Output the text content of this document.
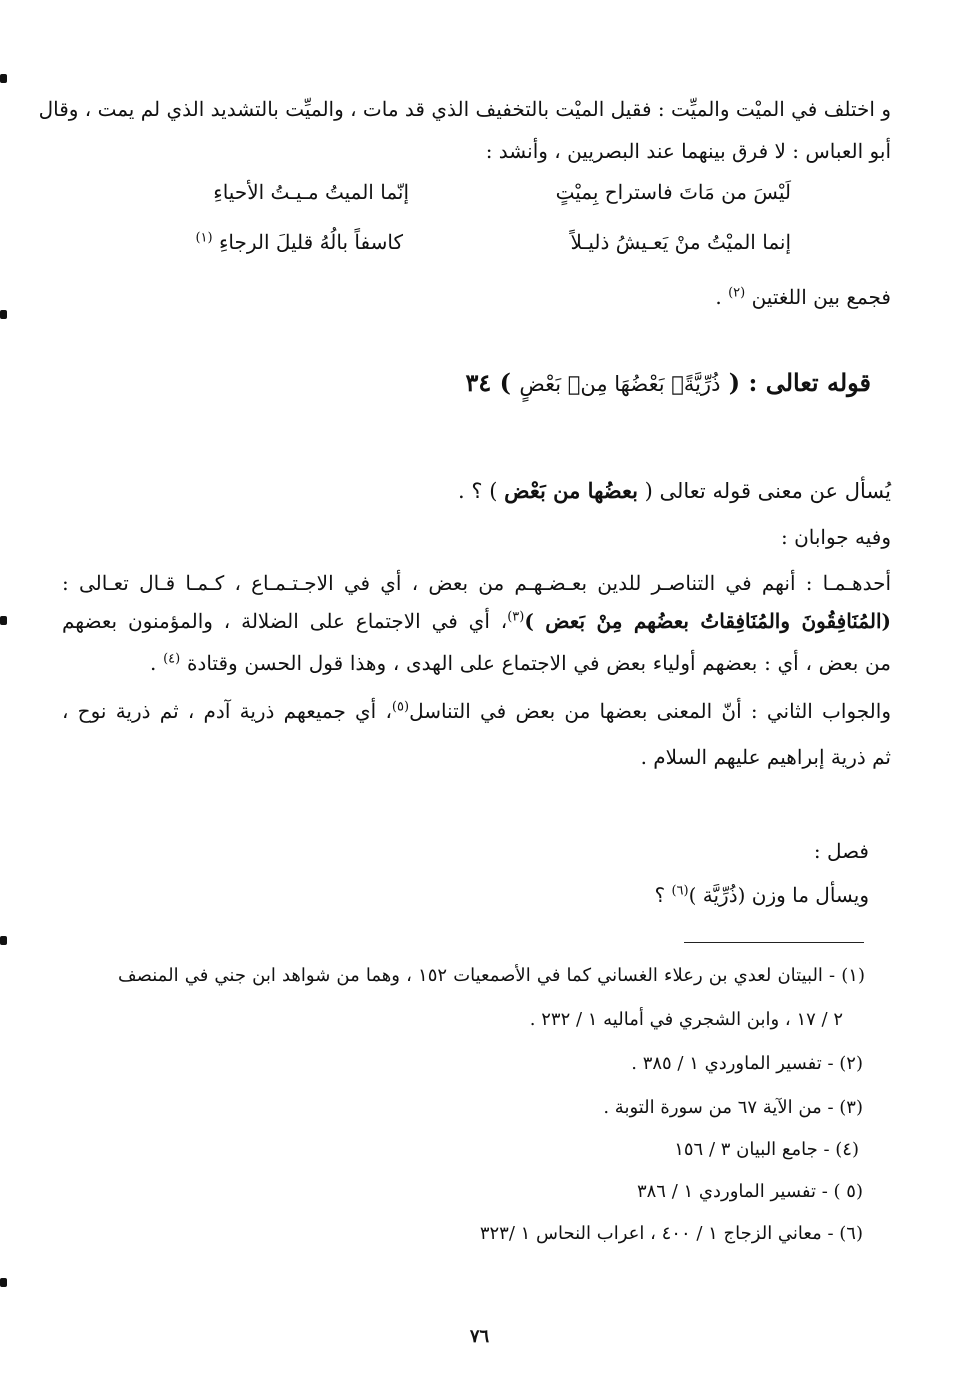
و اختلف في الميْت والميِّت : فقيل الميْت بالتخفيف الذي قد مات ، والميِّت بالتشديد الذي لم يمت ، وقال
أبو العباس : لا فرق بينهما عند البصريين ، وأنشد :
لَيْسَ من مَاتَ فاستراح بِميْتٍ
إنّما الميتُ مـيـتُ الأحياءِ
إنما الميْتُ منْ يَعـيشُ ذليـلاً
كاسفاً بالُهُ قليلَ الرجاءِ $^{(١)}$
فجمع بين اللغتين $^{(٢)}$ .
قوله تعالى : ( ذُرِّيَّةًۢ بَعْضُهَا مِنۢ بَعْضٍ ) ٣٤
يُسأل عن معنى قوله تعالى ( بعضُها من بَعْض ) ؟ .
وفيه جوابان :
أحدهـمـا : أنهم في التناصـر للدين بعـضـهـم من بعض ، أي في الاجـتـمـاع ، كـمـا قـال تعـالى :
(المُنَافِقُونَ والمُنَافِقاتُ بعضُهم مِنْ بَعض )$^{(٣)}$، أي في الاجتماع على الضلالة ، والمؤمنون بعضهم
من بعض ، أي : بعضهم أولياء بعض في الاجتماع على الهدى ، وهذا قول الحسن وقتادة $^{(٤)}$ .
والجواب الثاني : أنّ المعنى بعضها من بعض في التناسل$^{(٥)}$، أي جميعهم ذرية آدم ، ثم ذرية نوح ،
ثم ذرية إبراهيم عليهم السلام .
فصل :
ويسأل ما وزن (ذُرِّيَّة )$^{(٦)}$ ؟
(١) - البيتان لعدي بن رعلاء الغساني كما في الأصمعيات ١٥٢ ، وهما من شواهد ابن جني في المنصف
٢ / ١٧ ، وابن الشجري في أماليه ١ / ٢٣٢ .
(٢) - تفسير الماوردي ١ / ٣٨٥ .
(٣) - من الآية ٦٧ من سورة التوبة .
(٤) - جامع البيان ٣ / ١٥٦
(٥ ) - تفسير الماوردي ١ / ٣٨٦
(٦) - معاني الزجاج ١ / ٤٠٠ ، اعراب النحاس ١ /٣٢٣
٧٦
